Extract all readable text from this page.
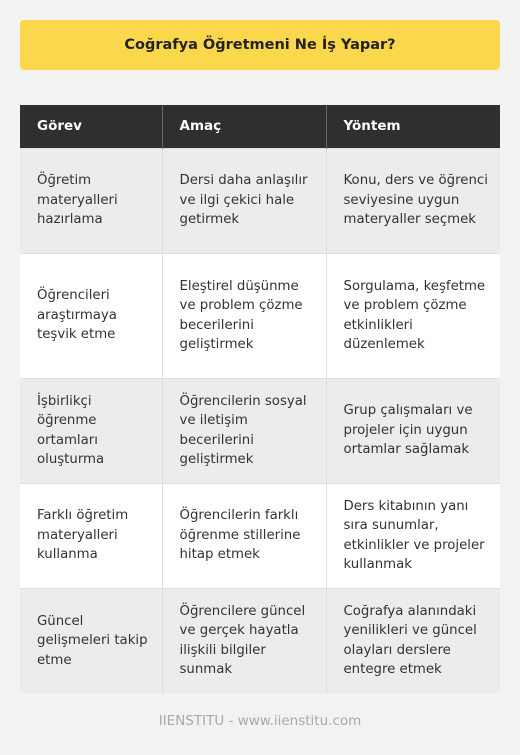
Coğrafya Öğretmeni Ne İş Yapar?
Görev	Amaç	Yöntem
Öğretim materyalleri hazırlama	Dersi daha anlaşılır ve ilgi çekici hale getirmek	Konu, ders ve öğrenci seviyesine uygun materyaller seçmek
Öğrencileri araştırmaya teşvik etme	Eleştirel düşünme ve problem çözme becerilerini geliştirmek	Sorgulama, keşfetme ve problem çözme etkinlikleri düzenlemek
İşbirlikçi öğrenme ortamları oluşturma	Öğrencilerin sosyal ve iletişim becerilerini geliştirmek	Grup çalışmaları ve projeler için uygun ortamlar sağlamak
Farklı öğretim materyalleri kullanma	Öğrencilerin farklı öğrenme stillerine hitap etmek	Ders kitabının yanı sıra sunumlar, etkinlikler ve projeler kullanmak
Güncel gelişmeleri takip etme	Öğrencilere güncel ve gerçek hayatla ilişkili bilgiler sunmak	Coğrafya alanındaki yenilikleri ve güncel olayları derslere entegre etmek
IIENSTITU - www.iienstitu.com
